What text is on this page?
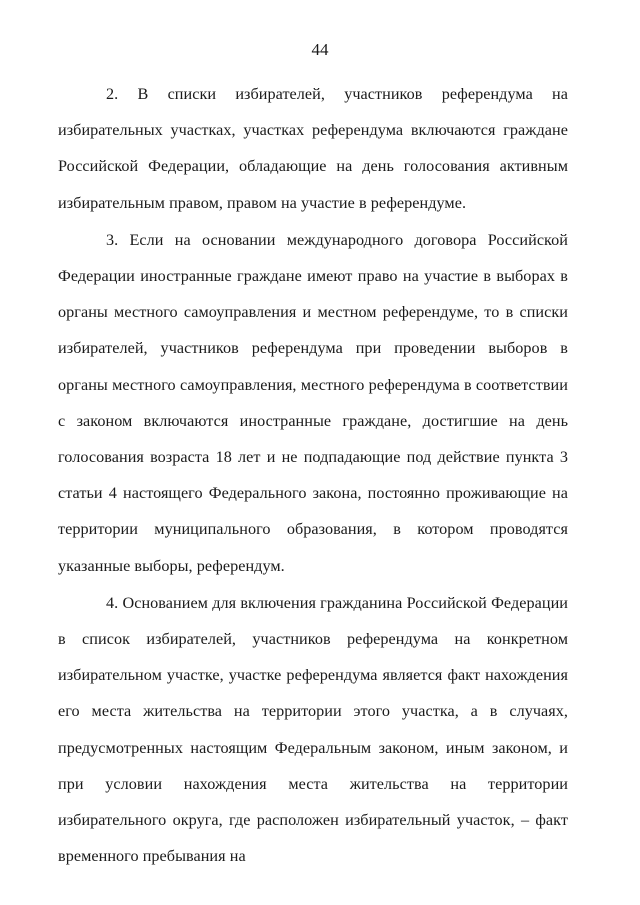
44

2. В списки избирателей, участников референдума на избирательных участках, участках референдума включаются граждане Российской Федерации, обладающие на день голосования активным избирательным правом, правом на участие в референдуме.

3. Если на основании международного договора Российской Федерации иностранные граждане имеют право на участие в выборах в органы местного самоуправления и местном референдуме, то в списки избирателей, участников референдума при проведении выборов в органы местного самоуправления, местного референдума в соответствии с законом включаются иностранные граждане, достигшие на день голосования возраста 18 лет и не подпадающие под действие пункта 3 статьи 4 настоящего Федерального закона, постоянно проживающие на территории муниципального образования, в котором проводятся указанные выборы, референдум.

4. Основанием для включения гражданина Российской Федерации в список избирателей, участников референдума на конкретном избирательном участке, участке референдума является факт нахождения его места жительства на территории этого участка, а в случаях, предусмотренных настоящим Федеральным законом, иным законом, и при условии нахождения места жительства на территории избирательного округа, где расположен избирательный участок, – факт временного пребывания на
